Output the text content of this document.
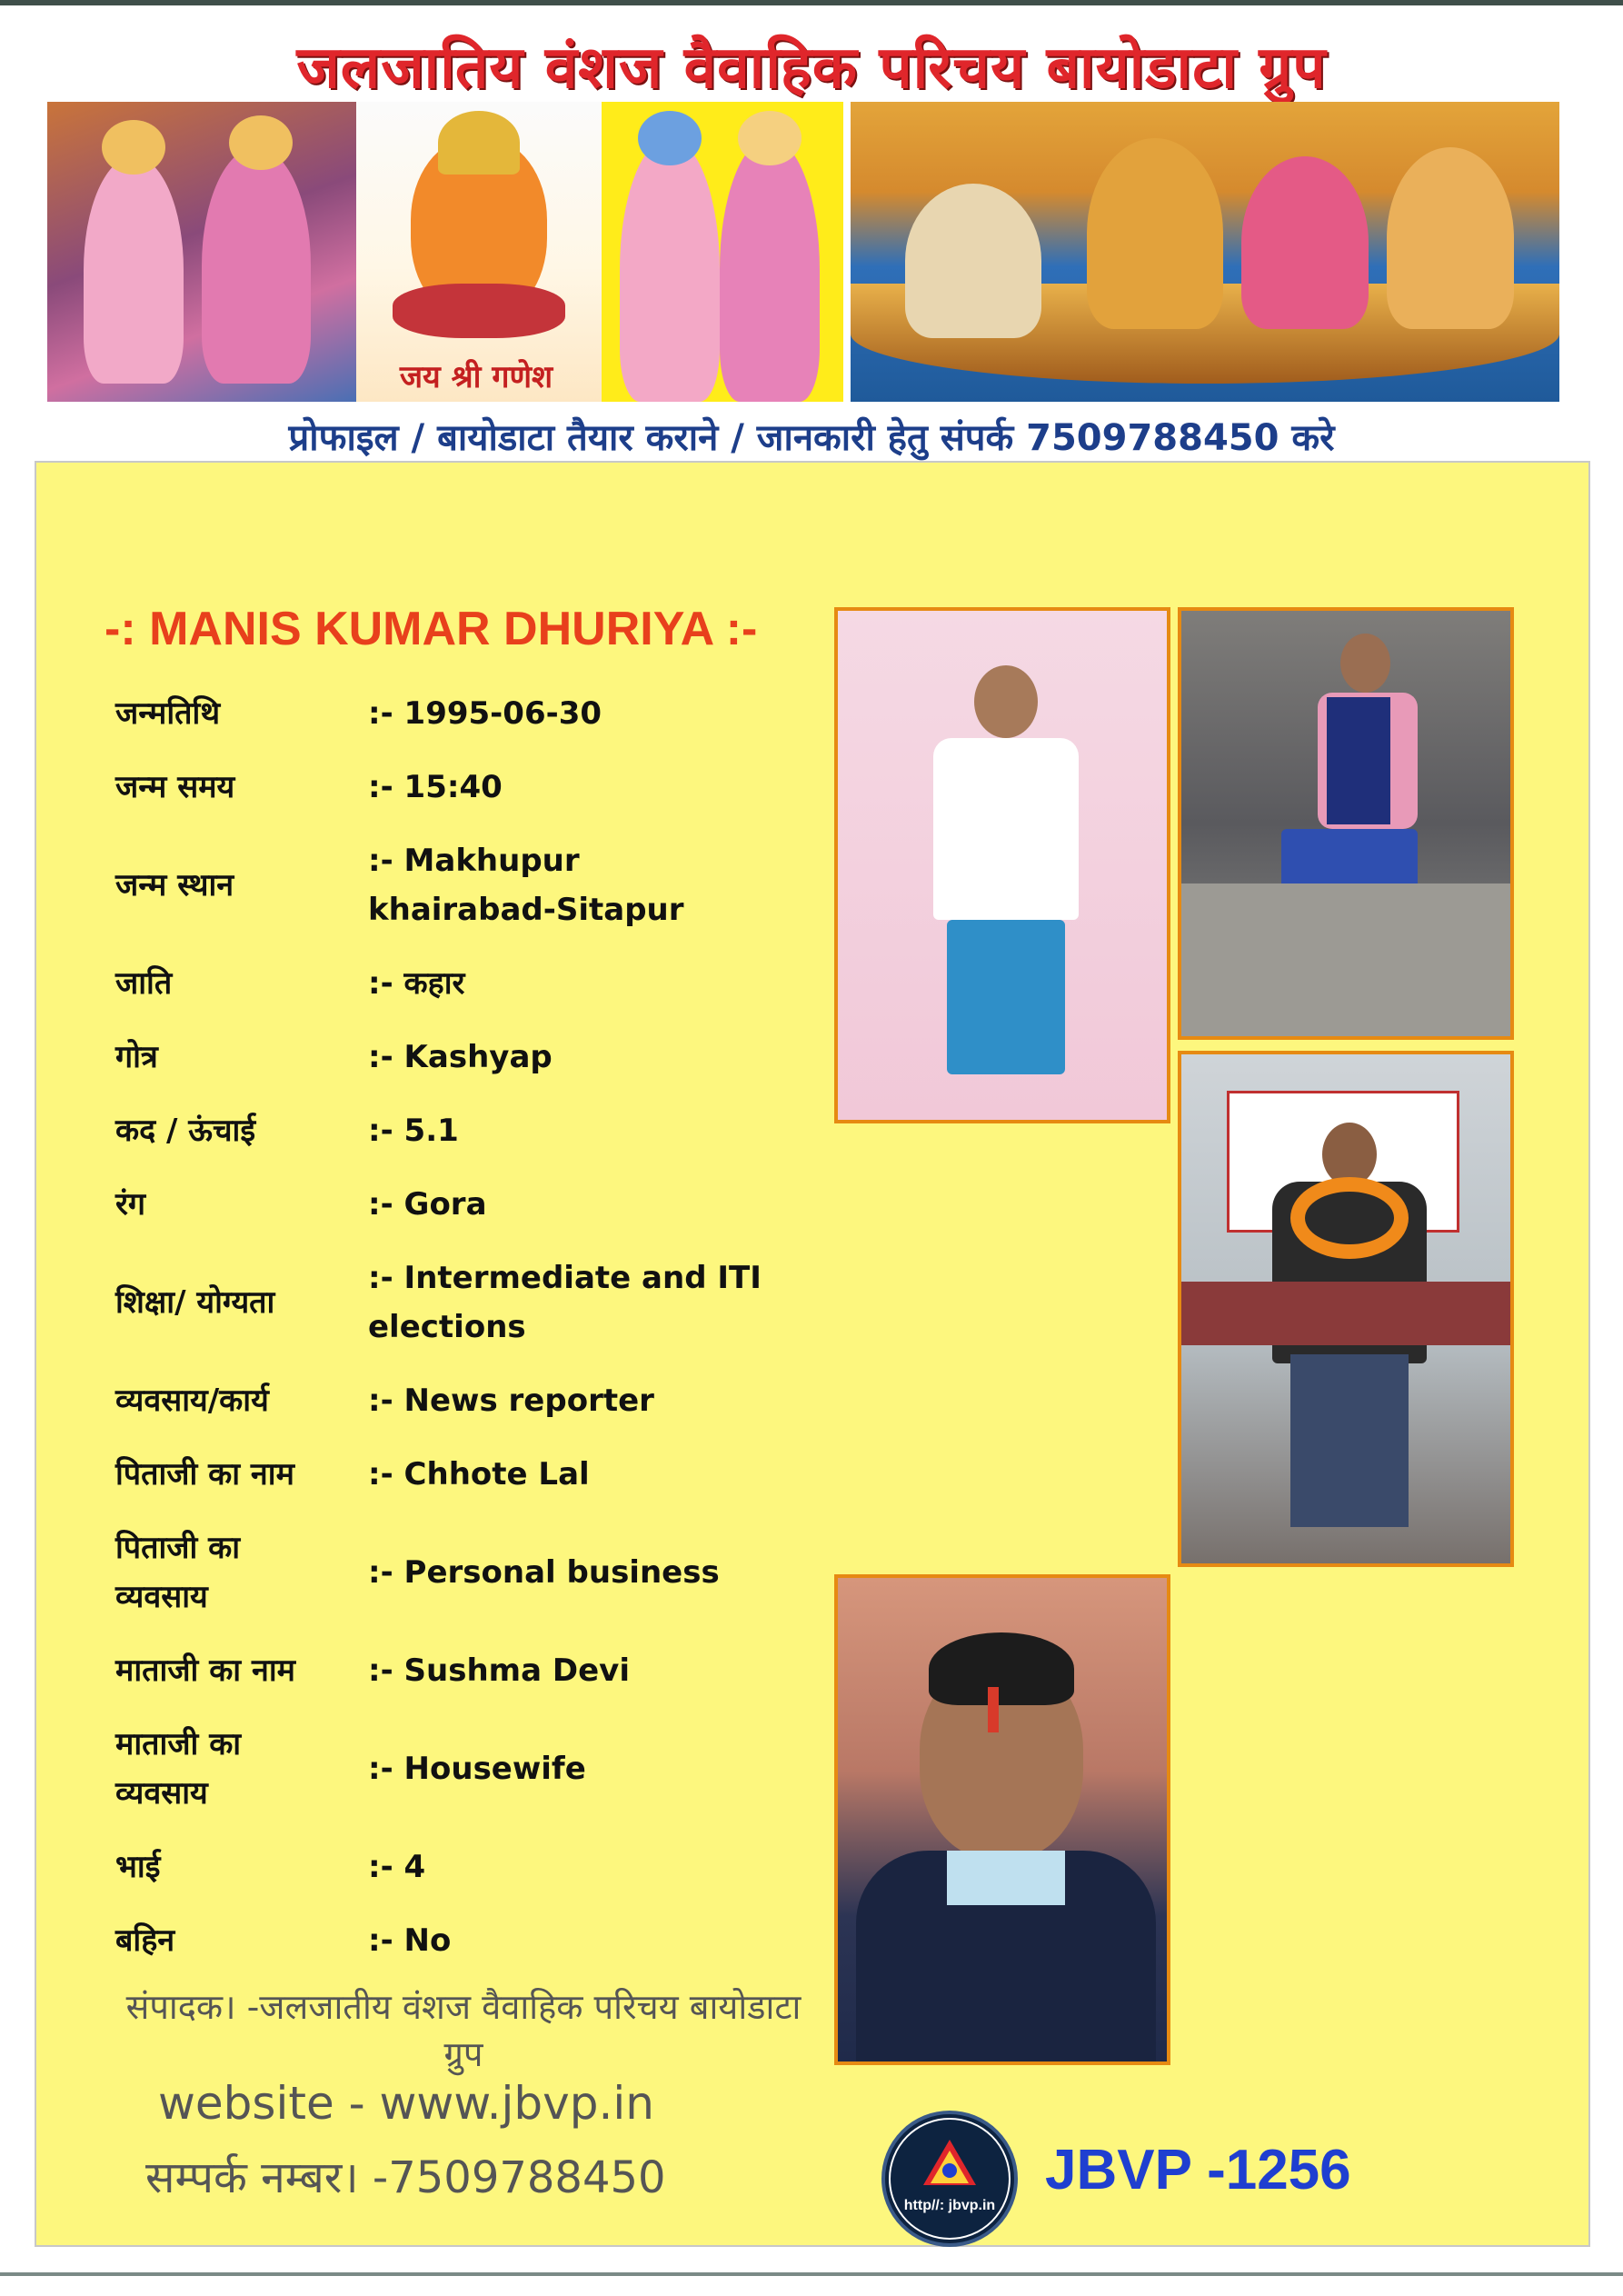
जलजातिय वंशज वैवाहिक परिचय बायोडाटा ग्रुप
जय श्री गणेश
प्रोफाइल / बायोडाटा तैयार कराने / जानकारी हेतु संपर्क 7509788450 करे
-: MANIS KUMAR DHURIYA :-
जन्मतिथि	:- 1995-06-30
जन्म समय	:- 15:40
जन्म स्थान
:- Makhupur khairabad-Sitapur
जाति	:- कहार
गोत्र	:- Kashyap
कद / ऊंचाई	:- 5.1
रंग	:- Gora
शिक्षा/ योग्यता
:- Intermediate and ITI elections
व्यवसाय/कार्य	:- News reporter
पिताजी का नाम	:- Chhote Lal
पिताजी का व्यवसाय
:- Personal business
माताजी का नाम	:- Sushma Devi
माताजी का व्यवसाय
:- Housewife
भाई	:- 4
बहिन	:- No
संपादक। -जलजातीय वंशज वैवाहिक परिचय बायोडाटा ग्रुप
website - www.jbvp.in
सम्पर्क नम्बर। -7509788450
http//: jbvp.in
JBVP -1256
